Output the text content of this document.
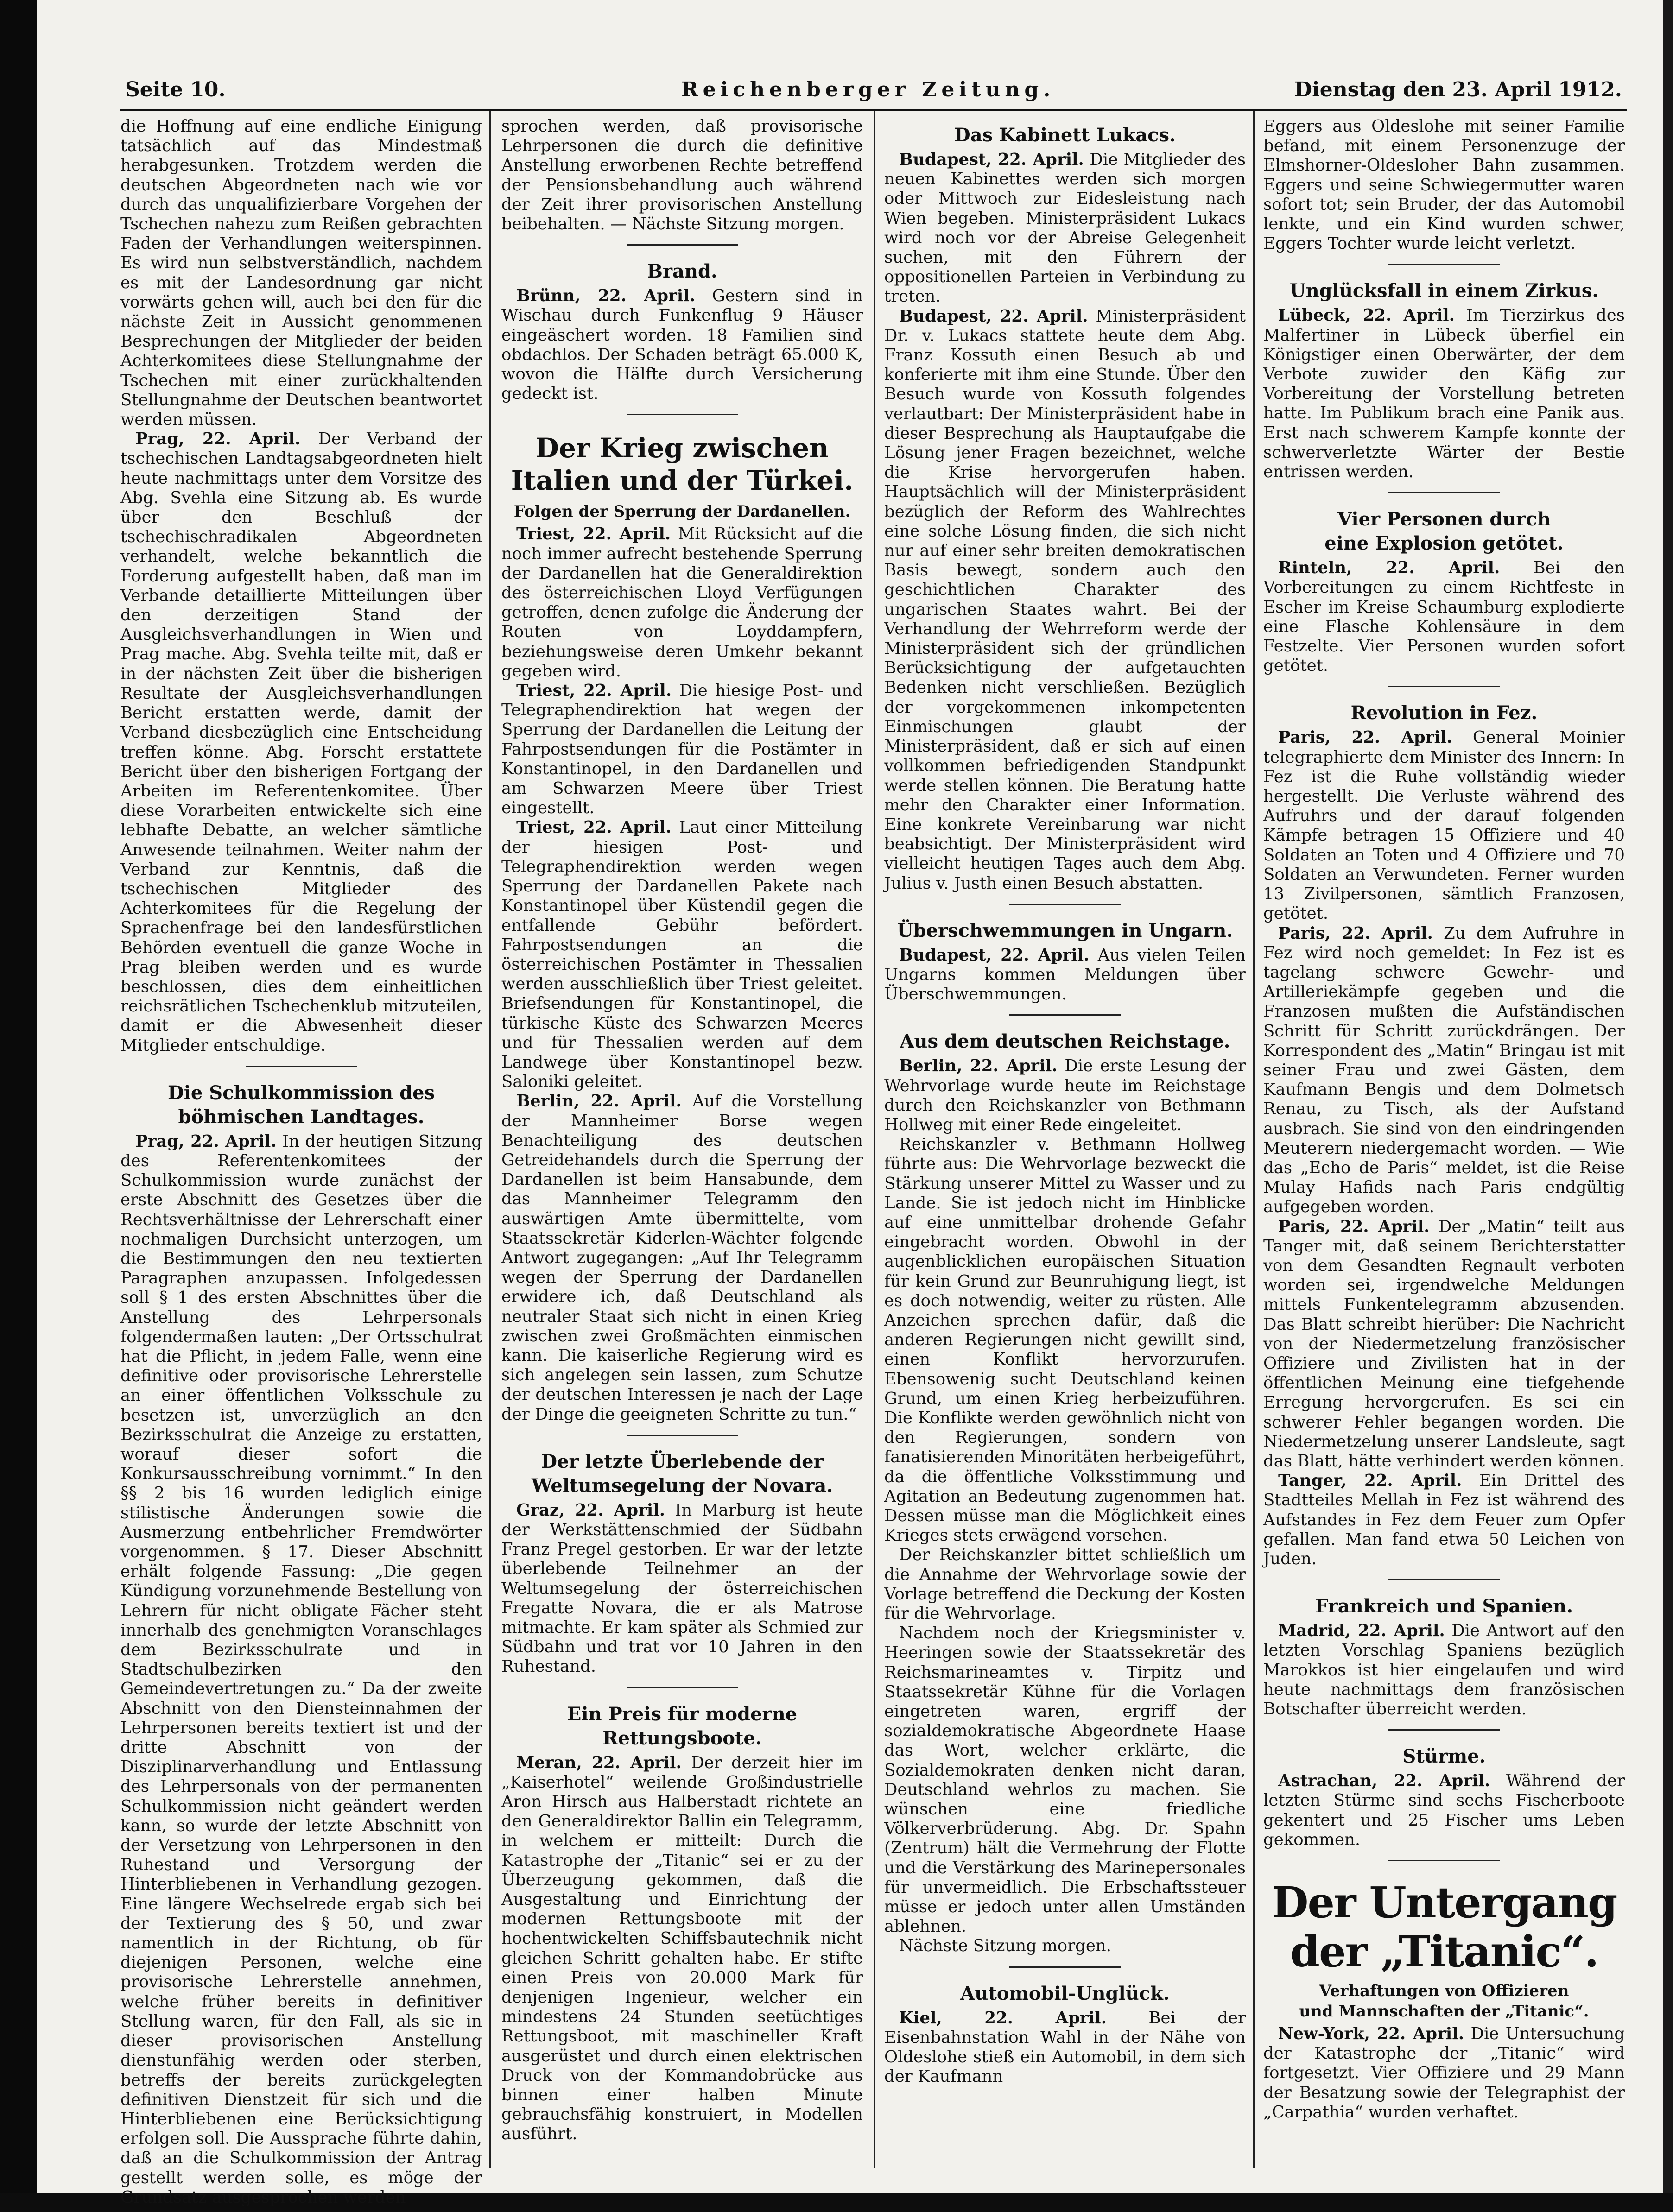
Seite 10.	Reichenberger Zeitung.	Dienstag den 23. April 1912.

die Hoffnung auf eine endliche Einigung tatsächlich auf das Mindestmaß herabgesunken. Trotzdem werden die deutschen Abgeordneten nach wie vor durch das unqualifizierbare Vorgehen der Tschechen nahezu zum Reißen gebrachten Faden der Verhandlungen weiterspinnen. Es wird nun selbstverständlich, nachdem es mit der Landesordnung gar nicht vorwärts gehen will, auch bei den für die nächste Zeit in Aussicht genommenen Besprechungen der Mitglieder der beiden Achterkomitees diese Stellungnahme der Tschechen mit einer zurückhaltenden Stellungnahme der Deutschen beantwortet werden müssen.

Prag, 22. April. Der Verband der tschechischen Landtagsabgeordneten hielt heute nachmittags unter dem Vorsitze des Abg. Svehla eine Sitzung ab. Es wurde über den Beschluß der tschechischradikalen Abgeordneten verhandelt, welche bekanntlich die Forderung aufgestellt haben, daß man im Verbande detaillierte Mitteilungen über den derzeitigen Stand der Ausgleichsverhandlungen in Wien und Prag mache. Abg. Svehla teilte mit, daß er in der nächsten Zeit über die bisherigen Resultate der Ausgleichsverhandlungen Bericht erstatten werde, damit der Verband diesbezüglich eine Entscheidung treffen könne. Abg. Forscht erstattete Bericht über den bisherigen Fortgang der Arbeiten im Referentenkomitee. Über diese Vorarbeiten entwickelte sich eine lebhafte Debatte, an welcher sämtliche Anwesende teilnahmen. Weiter nahm der Verband zur Kenntnis, daß die tschechischen Mitglieder des Achterkomitees für die Regelung der Sprachenfrage bei den landesfürstlichen Behörden eventuell die ganze Woche in Prag bleiben werden und es wurde beschlossen, dies dem einheitlichen reichsrätlichen Tschechenklub mitzuteilen, damit er die Abwesenheit dieser Mitglieder entschuldige.

Die Schulkommission des
böhmischen Landtages.

Prag, 22. April. In der heutigen Sitzung des Referentenkomitees der Schulkommission wurde zunächst der erste Abschnitt des Gesetzes über die Rechtsverhältnisse der Lehrerschaft einer nochmaligen Durchsicht unterzogen, um die Bestimmungen den neu textierten Paragraphen anzupassen. Infolgedessen soll § 1 des ersten Abschnittes über die Anstellung des Lehrpersonals folgendermaßen lauten: „Der Ortsschulrat hat die Pflicht, in jedem Falle, wenn eine definitive oder provisorische Lehrerstelle an einer öffentlichen Volksschule zu besetzen ist, unverzüglich an den Bezirksschulrat die Anzeige zu erstatten, worauf dieser sofort die Konkursausschreibung vornimmt.“ In den §§ 2 bis 16 wurden lediglich einige stilistische Änderungen sowie die Ausmerzung entbehrlicher Fremdwörter vorgenommen. § 17. Dieser Abschnitt erhält folgende Fassung: „Die gegen Kündigung vorzunehmende Bestellung von Lehrern für nicht obligate Fächer steht innerhalb des genehmigten Voranschlages dem Bezirksschulrate und in Stadtschulbezirken den Gemeindevertretungen zu.“ Da der zweite Abschnitt von den Diensteinnahmen der Lehrpersonen bereits textiert ist und der dritte Abschnitt von der Disziplinarverhandlung und Entlassung des Lehrpersonals von der permanenten Schulkommission nicht geändert werden kann, so wurde der letzte Abschnitt von der Versetzung von Lehrpersonen in den Ruhestand und Versorgung der Hinterbliebenen in Verhandlung gezogen. Eine längere Wechselrede ergab sich bei der Textierung des § 50, und zwar namentlich in der Richtung, ob für diejenigen Personen, welche eine provisorische Lehrerstelle annehmen, welche früher bereits in definitiver Stellung waren, für den Fall, als sie in dieser provisorischen Anstellung dienstunfähig werden oder sterben, betreffs der bereits zurückgelegten definitiven Dienstzeit für sich und die Hinterbliebenen eine Berücksichtigung erfolgen soll. Die Aussprache führte dahin, daß an die Schulkommission der Antrag gestellt werden solle, es möge der Grundsatz ausgesprochen werden

sprochen werden, daß provisorische Lehrpersonen die durch die definitive Anstellung erworbenen Rechte betreffend der Pensionsbehandlung auch während der Zeit ihrer provisorischen Anstellung beibehalten. — Nächste Sitzung morgen.

Brand.

Brünn, 22. April. Gestern sind in Wischau durch Funkenflug 9 Häuser eingeäschert worden. 18 Familien sind obdachlos. Der Schaden beträgt 65.000 K, wovon die Hälfte durch Versicherung gedeckt ist.

Der Krieg zwischen
Italien und der Türkei.
Folgen der Sperrung der Dardanellen.

Triest, 22. April. Mit Rücksicht auf die noch immer aufrecht bestehende Sperrung der Dardanellen hat die Generaldirektion des österreichischen Lloyd Verfügungen getroffen, denen zufolge die Änderung der Routen von Loyddampfern, beziehungsweise deren Umkehr bekannt gegeben wird.

Triest, 22. April. Die hiesige Post- und Telegraphendirektion hat wegen der Sperrung der Dardanellen die Leitung der Fahrpostsendungen für die Postämter in Konstantinopel, in den Dardanellen und am Schwarzen Meere über Triest eingestellt.

Triest, 22. April. Laut einer Mitteilung der hiesigen Post- und Telegraphendirektion werden wegen Sperrung der Dardanellen Pakete nach Konstantinopel über Küstendil gegen die entfallende Gebühr befördert. Fahrpostsendungen an die österreichischen Postämter in Thessalien werden ausschließlich über Triest geleitet. Briefsendungen für Konstantinopel, die türkische Küste des Schwarzen Meeres und für Thessalien werden auf dem Landwege über Konstantinopel bezw. Saloniki geleitet.

Berlin, 22. April. Auf die Vorstellung der Mannheimer Borse wegen Benachteiligung des deutschen Getreidehandels durch die Sperrung der Dardanellen ist beim Hansabunde, dem das Mannheimer Telegramm den auswärtigen Amte übermittelte, vom Staatssekretär Kiderlen-Wächter folgende Antwort zugegangen: „Auf Ihr Telegramm wegen der Sperrung der Dardanellen erwidere ich, daß Deutschland als neutraler Staat sich nicht in einen Krieg zwischen zwei Großmächten einmischen kann. Die kaiserliche Regierung wird es sich angelegen sein lassen, zum Schutze der deutschen Interessen je nach der Lage der Dinge die geeigneten Schritte zu tun.“

Der letzte Überlebende der
Weltumsegelung der Novara.

Graz, 22. April. In Marburg ist heute der Werkstättenschmied der Südbahn Franz Pregel gestorben. Er war der letzte überlebende Teilnehmer an der Weltumsegelung der österreichischen Fregatte Novara, die er als Matrose mitmachte. Er kam später als Schmied zur Südbahn und trat vor 10 Jahren in den Ruhestand.

Ein Preis für moderne Rettungsboote.

Meran, 22. April. Der derzeit hier im „Kaiserhotel“ weilende Großindustrielle Aron Hirsch aus Halberstadt richtete an den Generaldirektor Ballin ein Telegramm, in welchem er mitteilt: Durch die Katastrophe der „Titanic“ sei er zu der Überzeugung gekommen, daß die Ausgestaltung und Einrichtung der modernen Rettungsboote mit der hochentwickelten Schiffsbautechnik nicht gleichen Schritt gehalten habe. Er stifte einen Preis von 20.000 Mark für denjenigen Ingenieur, welcher ein mindestens 24 Stunden seetüchtiges Rettungsboot, mit maschineller Kraft ausgerüstet und durch einen elektrischen Druck von der Kommandobrücke aus binnen einer halben Minute gebrauchsfähig konstruiert, in Modellen ausführt.

Das Kabinett Lukacs.

Budapest, 22. April. Die Mitglieder des neuen Kabinettes werden sich morgen oder Mittwoch zur Eidesleistung nach Wien begeben. Ministerpräsident Lukacs wird noch vor der Abreise Gelegenheit suchen, mit den Führern der oppositionellen Parteien in Verbindung zu treten.

Budapest, 22. April. Ministerpräsident Dr. v. Lukacs stattete heute dem Abg. Franz Kossuth einen Besuch ab und konferierte mit ihm eine Stunde. Über den Besuch wurde von Kossuth folgendes verlautbart: Der Ministerpräsident habe in dieser Besprechung als Hauptaufgabe die Lösung jener Fragen bezeichnet, welche die Krise hervorgerufen haben. Hauptsächlich will der Ministerpräsident bezüglich der Reform des Wahlrechtes eine solche Lösung finden, die sich nicht nur auf einer sehr breiten demokratischen Basis bewegt, sondern auch den geschichtlichen Charakter des ungarischen Staates wahrt. Bei der Verhandlung der Wehrreform werde der Ministerpräsident sich der gründlichen Berücksichtigung der aufgetauchten Bedenken nicht verschließen. Bezüglich der vorgekommenen inkompetenten Einmischungen glaubt der Ministerpräsident, daß er sich auf einen vollkommen befriedigenden Standpunkt werde stellen können. Die Beratung hatte mehr den Charakter einer Information. Eine konkrete Vereinbarung war nicht beabsichtigt. Der Ministerpräsident wird vielleicht heutigen Tages auch dem Abg. Julius v. Justh einen Besuch abstatten.

Überschwemmungen in Ungarn.

Budapest, 22. April. Aus vielen Teilen Ungarns kommen Meldungen über Überschwemmungen.

Aus dem deutschen Reichstage.

Berlin, 22. April. Die erste Lesung der Wehrvorlage wurde heute im Reichstage durch den Reichskanzler von Bethmann Hollweg mit einer Rede eingeleitet.

Reichskanzler v. Bethmann Hollweg führte aus: Die Wehrvorlage bezweckt die Stärkung unserer Mittel zu Wasser und zu Lande. Sie ist jedoch nicht im Hinblicke auf eine unmittelbar drohende Gefahr eingebracht worden. Obwohl in der augenblicklichen europäischen Situation für kein Grund zur Beunruhigung liegt, ist es doch notwendig, weiter zu rüsten. Alle Anzeichen sprechen dafür, daß die anderen Regierungen nicht gewillt sind, einen Konflikt hervorzurufen. Ebensowenig sucht Deutschland keinen Grund, um einen Krieg herbeizuführen. Die Konflikte werden gewöhnlich nicht von den Regierungen, sondern von fanatisierenden Minoritäten herbeigeführt, da die öffentliche Volksstimmung und Agitation an Bedeutung zugenommen hat. Dessen müsse man die Möglichkeit eines Krieges stets erwägend vorsehen.

Der Reichskanzler bittet schließlich um die Annahme der Wehrvorlage sowie der Vorlage betreffend die Deckung der Kosten für die Wehrvorlage.

Nachdem noch der Kriegsminister v. Heeringen sowie der Staatssekretär des Reichsmarineamtes v. Tirpitz und Staatssekretär Kühne für die Vorlagen eingetreten waren, ergriff der sozialdemokratische Abgeordnete Haase das Wort, welcher erklärte, die Sozialdemokraten denken nicht daran, Deutschland wehrlos zu machen. Sie wünschen eine friedliche Völkerverbrüderung. Abg. Dr. Spahn (Zentrum) hält die Vermehrung der Flotte und die Verstärkung des Marinepersonales für unvermeidlich. Die Erbschaftssteuer müsse er jedoch unter allen Umständen ablehnen.

Nächste Sitzung morgen.

Automobil-Unglück.

Kiel, 22. April. Bei der Eisenbahnstation Wahl in der Nähe von Oldeslohe stieß ein Automobil, in dem sich der Kaufmann

Eggers aus Oldeslohe mit seiner Familie befand, mit einem Personenzuge der Elmshorner-Oldesloher Bahn zusammen. Eggers und seine Schwiegermutter waren sofort tot; sein Bruder, der das Automobil lenkte, und ein Kind wurden schwer, Eggers Tochter wurde leicht verletzt.

Unglücksfall in einem Zirkus.

Lübeck, 22. April. Im Tierzirkus des Malfertiner in Lübeck überfiel ein Königstiger einen Oberwärter, der dem Verbote zuwider den Käfig zur Vorbereitung der Vorstellung betreten hatte. Im Publikum brach eine Panik aus. Erst nach schwerem Kampfe konnte der schwerverletzte Wärter der Bestie entrissen werden.

Vier Personen durch
eine Explosion getötet.

Rinteln, 22. April. Bei den Vorbereitungen zu einem Richtfeste in Escher im Kreise Schaumburg explodierte eine Flasche Kohlensäure in dem Festzelte. Vier Personen wurden sofort getötet.

Revolution in Fez.

Paris, 22. April. General Moinier telegraphierte dem Minister des Innern: In Fez ist die Ruhe vollständig wieder hergestellt. Die Verluste während des Aufruhrs und der darauf folgenden Kämpfe betragen 15 Offiziere und 40 Soldaten an Toten und 4 Offiziere und 70 Soldaten an Verwundeten. Ferner wurden 13 Zivilpersonen, sämtlich Franzosen, getötet.

Paris, 22. April. Zu dem Aufruhre in Fez wird noch gemeldet: In Fez ist es tagelang schwere Gewehr- und Artilleriekämpfe gegeben und die Franzosen mußten die Aufständischen Schritt für Schritt zurückdrängen. Der Korrespondent des „Matin“ Bringau ist mit seiner Frau und zwei Gästen, dem Kaufmann Bengis und dem Dolmetsch Renau, zu Tisch, als der Aufstand ausbrach. Sie sind von den eindringenden Meuterern niedergemacht worden. — Wie das „Echo de Paris“ meldet, ist die Reise Mulay Hafids nach Paris endgültig aufgegeben worden.

Paris, 22. April. Der „Matin“ teilt aus Tanger mit, daß seinem Berichterstatter von dem Gesandten Regnault verboten worden sei, irgendwelche Meldungen mittels Funkentelegramm abzusenden. Das Blatt schreibt hierüber: Die Nachricht von der Niedermetzelung französischer Offiziere und Zivilisten hat in der öffentlichen Meinung eine tiefgehende Erregung hervorgerufen. Es sei ein schwerer Fehler begangen worden. Die Niedermetzelung unserer Landsleute, sagt das Blatt, hätte verhindert werden können.

Tanger, 22. April. Ein Drittel des Stadtteiles Mellah in Fez ist während des Aufstandes in Fez dem Feuer zum Opfer gefallen. Man fand etwa 50 Leichen von Juden.

Frankreich und Spanien.

Madrid, 22. April. Die Antwort auf den letzten Vorschlag Spaniens bezüglich Marokkos ist hier eingelaufen und wird heute nachmittags dem französischen Botschafter überreicht werden.

Stürme.

Astrachan, 22. April. Während der letzten Stürme sind sechs Fischerboote gekentert und 25 Fischer ums Leben gekommen.

Der Untergang der „Titanic“.
Verhaftungen von Offizieren
und Mannschaften der „Titanic“.

New-York, 22. April. Die Untersuchung der Katastrophe der „Titanic“ wird fortgesetzt. Vier Offiziere und 29 Mann der Besatzung sowie der Telegraphist der „Carpathia“ wurden verhaftet.
